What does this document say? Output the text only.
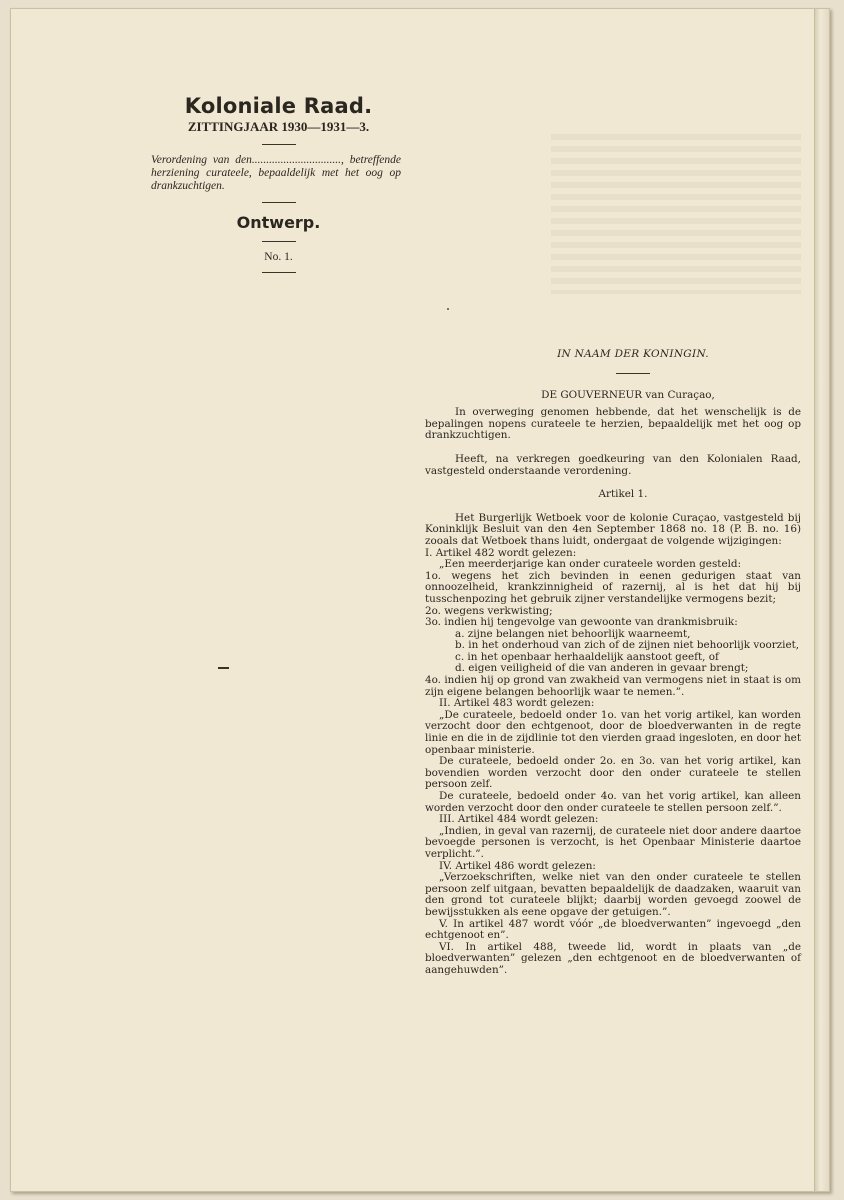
Koloniale Raad.
ZITTINGJAAR 1930—1931—3.
Verordening van den..............................., betreffende herziening curateele, bepaaldelijk met het oog op drankzuchtigen.
Ontwerp.
No. 1.

IN NAAM DER KONINGIN.

DE GOUVERNEUR van Curaçao,

In overweging genomen hebbende, dat het wenschelijk is de bepalingen nopens curateele te herzien, bepaaldelijk met het oog op drankzuchtigen.

Heeft, na verkregen goedkeuring van den Kolonialen Raad, vastgesteld onderstaande verordening.

Artikel 1.

Het Burgerlijk Wetboek voor de kolonie Curaçao, vastgesteld bij Koninklijk Besluit van den 4en September 1868 no. 18 (P. B. no. 16) zooals dat Wetboek thans luidt, ondergaat de volgende wijzigingen:

I. Artikel 482 wordt gelezen:

„Een meerderjarige kan onder curateele worden gesteld:

1o. wegens het zich bevinden in eenen gedurigen staat van onnoozelheid, krankzinnigheid of razernij, al is het dat hij bij tusschenpozing het gebruik zijner verstandelijke vermogens bezit;

2o. wegens verkwisting;

3o. indien hij tengevolge van gewoonte van drankmisbruik:

a. zijne belangen niet behoorlijk waarneemt,

b. in het onderhoud van zich of de zijnen niet behoorlijk voorziet,

c. in het openbaar herhaaldelijk aanstoot geeft, of

d. eigen veiligheid of die van anderen in gevaar brengt;

4o. indien hij op grond van zwakheid van vermogens niet in staat is om zijn eigene belangen behoorlijk waar te nemen.”.

II. Artikel 483 wordt gelezen:

„De curateele, bedoeld onder 1o. van het vorig artikel, kan worden verzocht door den echtgenoot, door de bloedverwanten in de regte linie en die in de zijdlinie tot den vierden graad ingesloten, en door het openbaar ministerie.

De curateele, bedoeld onder 2o. en 3o. van het vorig artikel, kan bovendien worden verzocht door den onder curateele te stellen persoon zelf.

De curateele, bedoeld onder 4o. van het vorig artikel, kan alleen worden verzocht door den onder curateele te stellen persoon zelf.”.

III. Artikel 484 wordt gelezen:

„Indien, in geval van razernij, de curateele niet door andere daartoe bevoegde personen is verzocht, is het Openbaar Ministerie daartoe verplicht.”.

IV. Artikel 486 wordt gelezen:

„Verzoekschriften, welke niet van den onder curateele te stellen persoon zelf uitgaan, bevatten bepaaldelijk de daadzaken, waaruit van den grond tot curateele blijkt; daarbij worden gevoegd zoowel de bewijsstukken als eene opgave der getuigen.”.

V. In artikel 487 wordt vóór „de bloedverwanten” ingevoegd „den echtgenoot en”.

VI. In artikel 488, tweede lid, wordt in plaats van „de bloedverwanten” gelezen „den echtgenoot en de bloedverwanten of aangehuwden”.
